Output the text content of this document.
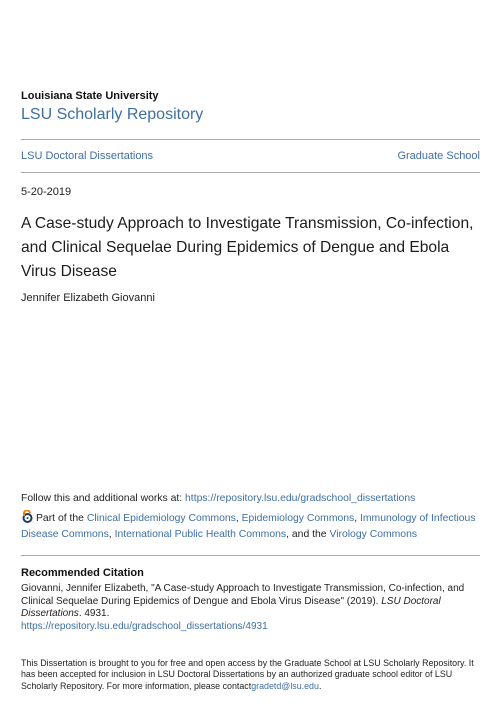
Louisiana State University
LSU Scholarly Repository
LSU Doctoral Dissertations	Graduate School
5-20-2019
A Case-study Approach to Investigate Transmission, Co-infection, and Clinical Sequelae During Epidemics of Dengue and Ebola Virus Disease
Jennifer Elizabeth Giovanni
Follow this and additional works at: https://repository.lsu.edu/gradschool_dissertations
Part of the Clinical Epidemiology Commons, Epidemiology Commons, Immunology of Infectious Disease Commons, International Public Health Commons, and the Virology Commons
Recommended Citation
Giovanni, Jennifer Elizabeth, "A Case-study Approach to Investigate Transmission, Co-infection, and Clinical Sequelae During Epidemics of Dengue and Ebola Virus Disease" (2019). LSU Doctoral Dissertations. 4931.
https://repository.lsu.edu/gradschool_dissertations/4931
This Dissertation is brought to you for free and open access by the Graduate School at LSU Scholarly Repository. It has been accepted for inclusion in LSU Doctoral Dissertations by an authorized graduate school editor of LSU Scholarly Repository. For more information, please contactgradetd@lsu.edu.
